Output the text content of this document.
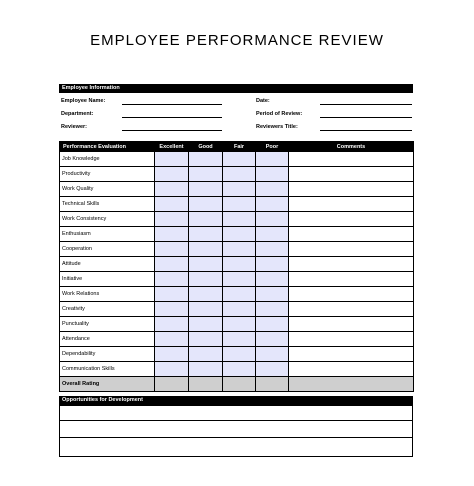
EMPLOYEE PERFORMANCE REVIEW
Employee Information
Employee Name:
Department:
Reviewer:
Date:
Period of Review:
Reviewers Title:
Performance Evaluation	Excellent	Good	Fair	Poor	Comments
Job Knowledge					
Productivity					
Work Quality					
Technical Skills					
Work Consistency					
Enthusiasm					
Cooperation					
Attitude					
Initiative					
Work Relations					
Creativity					
Punctuality					
Attendance					
Dependability					
Communication Skills					
Overall Rating					
Opportunities for Development
